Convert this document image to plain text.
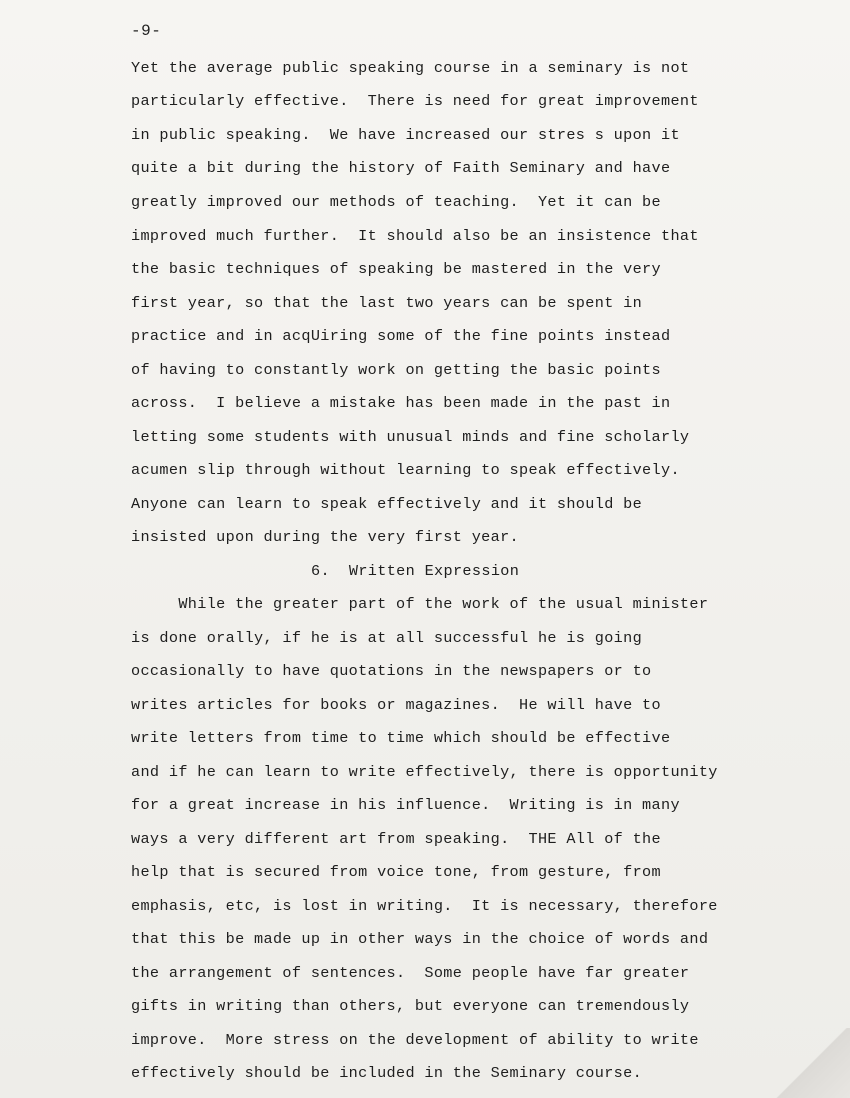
-9-
Yet the average public speaking course in a seminary is not
particularly effective.  There is need for great improvement
in public speaking.  We have increased our stres s upon it
quite a bit during the history of Faith Seminary and have
greatly improved our methods of teaching.  Yet it can be
improved much further.  It should also be an insistence that
the basic techniques of speaking be mastered in the very
first year, so that the last two years can be spent in
practice and in acqUiring some of the fine points instead
of having to constantly work on getting the basic points
across.  I believe a mistake has been made in the past in
letting some students with unusual minds and fine scholarly
acumen slip through without learning to speak effectively.
Anyone can learn to speak effectively and it should be
insisted upon during the very first year.
6.  Written Expression
While the greater part of the work of the usual minister
is done orally, if he is at all successful he is going
occasionally to have quotations in the newspapers or to
writes articles for books or magazines.  He will have to
write letters from time to time which should be effective
and if he can learn to write effectively, there is opportunity
for a great increase in his influence.  Writing is in many
ways a very different art from speaking.  THE All of the
help that is secured from voice tone, from gesture, from
emphasis, etc, is lost in writing.  It is necessary, therefore
that this be made up in other ways in the choice of words and
the arrangement of sentences.  Some people have far greater
gifts in writing than others, but everyone can tremendously
improve.  More stress on the development of ability to write
effectively should be included in the Seminary course.
